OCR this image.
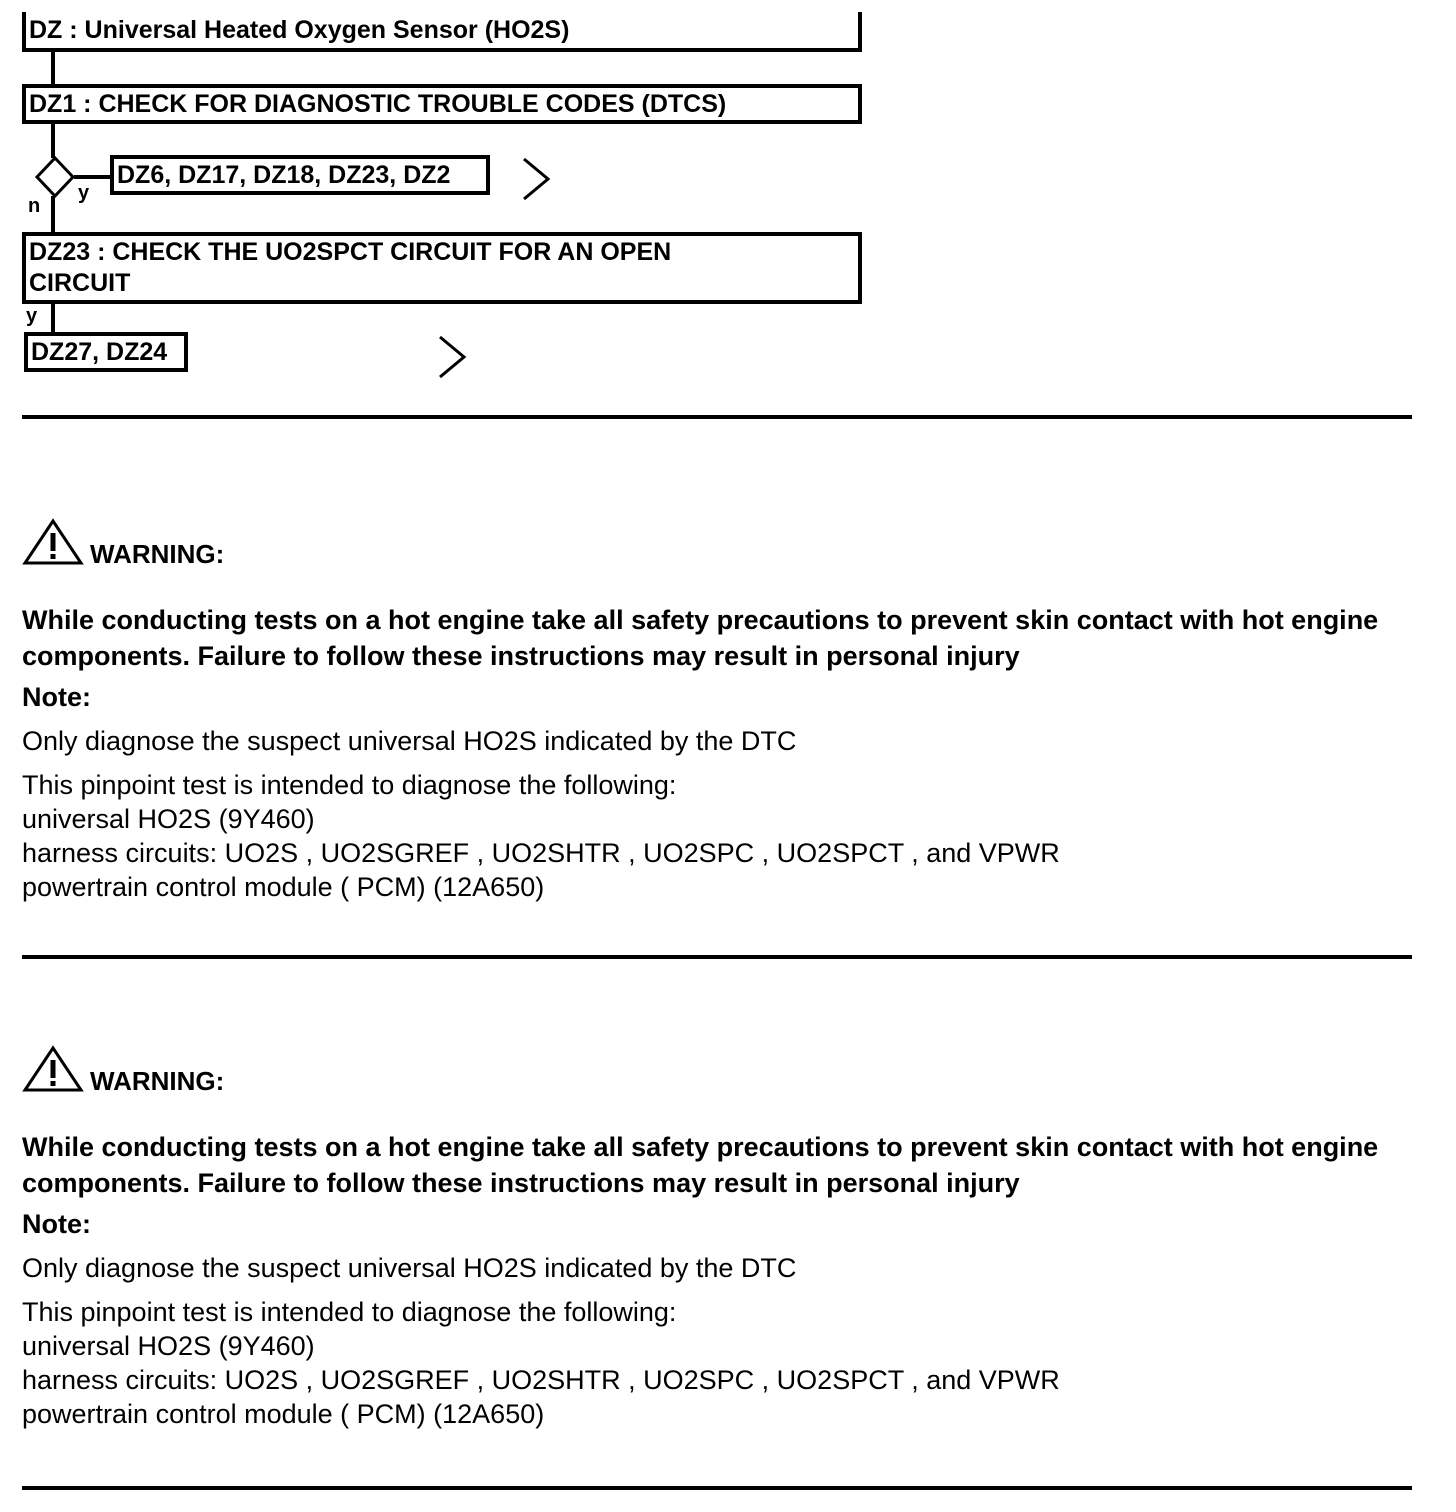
DZ : Universal Heated Oxygen Sensor (HO2S)
DZ1 : CHECK FOR DIAGNOSTIC TROUBLE CODES (DTCS)
y
n
DZ6, DZ17, DZ18, DZ23, DZ2
DZ23 : CHECK THE UO2SPCT CIRCUIT FOR AN OPEN CIRCUIT
y
DZ27, DZ24
WARNING:
While conducting tests on a hot engine take all safety precautions to prevent skin contact with hot engine components. Failure to follow these instructions may result in personal injury
Note:
Only diagnose the suspect universal HO2S indicated by the DTC
This pinpoint test is intended to diagnose the following:
universal HO2S (9Y460)
harness circuits: UO2S , UO2SGREF , UO2SHTR , UO2SPC , UO2SPCT , and VPWR
powertrain control module ( PCM) (12A650)
WARNING:
While conducting tests on a hot engine take all safety precautions to prevent skin contact with hot engine components. Failure to follow these instructions may result in personal injury
Note:
Only diagnose the suspect universal HO2S indicated by the DTC
This pinpoint test is intended to diagnose the following:
universal HO2S (9Y460)
harness circuits: UO2S , UO2SGREF , UO2SHTR , UO2SPC , UO2SPCT , and VPWR
powertrain control module ( PCM) (12A650)
